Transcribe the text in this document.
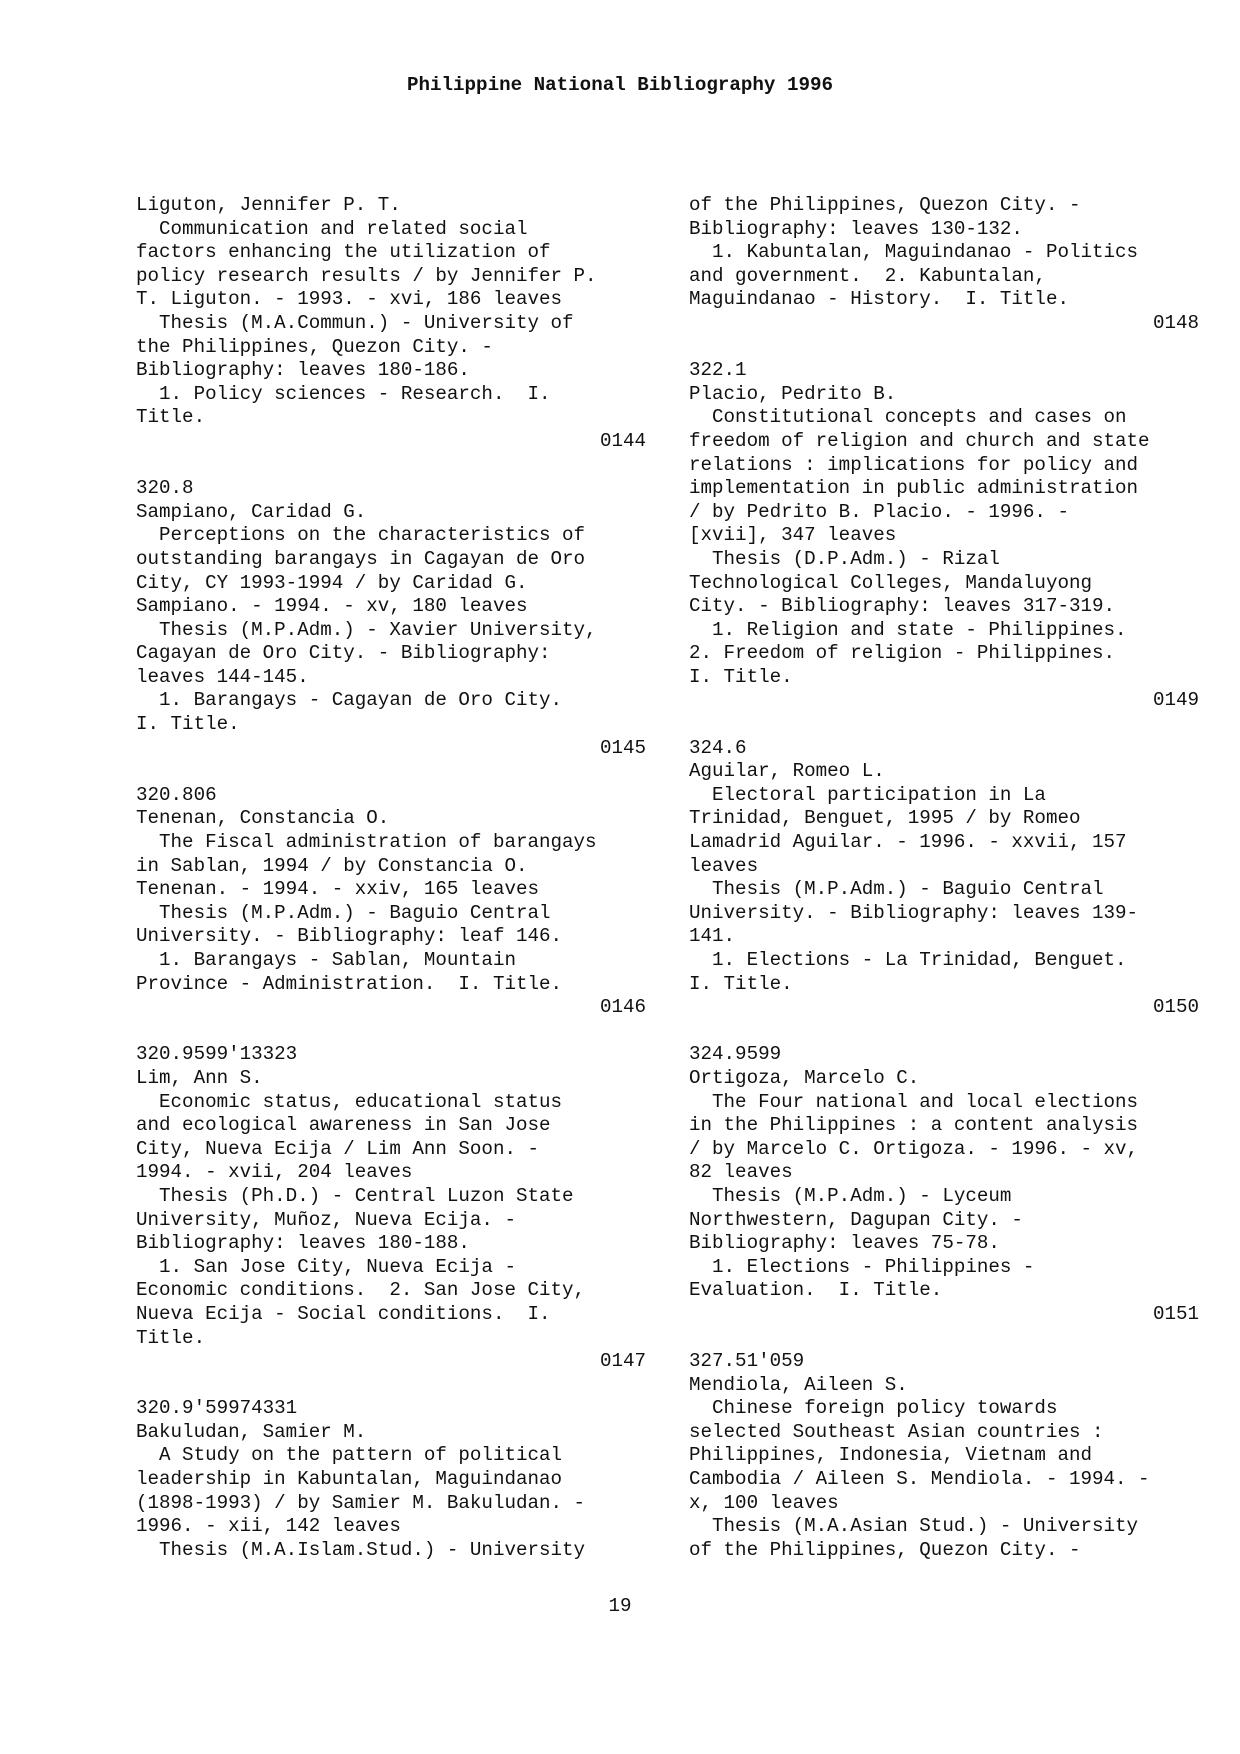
Philippine National Bibliography 1996
Liguton, Jennifer P. T.
Communication and related social
factors enhancing the utilization of
policy research results / by Jennifer P.
T. Liguton. - 1993. - xvi, 186 leaves
Thesis (M.A.Commun.) - University of
the Philippines, Quezon City. -
Bibliography: leaves 180-186.
1. Policy sciences - Research.  I.
Title.
0144
320.8
Sampiano, Caridad G.
Perceptions on the characteristics of
outstanding barangays in Cagayan de Oro
City, CY 1993-1994 / by Caridad G.
Sampiano. - 1994. - xv, 180 leaves
Thesis (M.P.Adm.) - Xavier University,
Cagayan de Oro City. - Bibliography:
leaves 144-145.
1. Barangays - Cagayan de Oro City.
I. Title.
0145
320.806
Tenenan, Constancia O.
The Fiscal administration of barangays
in Sablan, 1994 / by Constancia O.
Tenenan. - 1994. - xxiv, 165 leaves
Thesis (M.P.Adm.) - Baguio Central
University. - Bibliography: leaf 146.
1. Barangays - Sablan, Mountain
Province - Administration.  I. Title.
0146
320.9599'13323
Lim, Ann S.
Economic status, educational status
and ecological awareness in San Jose
City, Nueva Ecija / Lim Ann Soon. -
1994. - xvii, 204 leaves
Thesis (Ph.D.) - Central Luzon State
University, Muñoz, Nueva Ecija. -
Bibliography: leaves 180-188.
1. San Jose City, Nueva Ecija -
Economic conditions.  2. San Jose City,
Nueva Ecija - Social conditions.  I.
Title.
0147
320.9'59974331
Bakuludan, Samier M.
A Study on the pattern of political
leadership in Kabuntalan, Maguindanao
(1898-1993) / by Samier M. Bakuludan. -
1996. - xii, 142 leaves
Thesis (M.A.Islam.Stud.) - University
of the Philippines, Quezon City. -
Bibliography: leaves 130-132.
1. Kabuntalan, Maguindanao - Politics
and government.  2. Kabuntalan,
Maguindanao - History.  I. Title.
0148
322.1
Placio, Pedrito B.
Constitutional concepts and cases on
freedom of religion and church and state
relations : implications for policy and
implementation in public administration
/ by Pedrito B. Placio. - 1996. -
[xvii], 347 leaves
Thesis (D.P.Adm.) - Rizal
Technological Colleges, Mandaluyong
City. - Bibliography: leaves 317-319.
1. Religion and state - Philippines.
2. Freedom of religion - Philippines.
I. Title.
0149
324.6
Aguilar, Romeo L.
Electoral participation in La
Trinidad, Benguet, 1995 / by Romeo
Lamadrid Aguilar. - 1996. - xxvii, 157
leaves
Thesis (M.P.Adm.) - Baguio Central
University. - Bibliography: leaves 139-
141.
1. Elections - La Trinidad, Benguet.
I. Title.
0150
324.9599
Ortigoza, Marcelo C.
The Four national and local elections
in the Philippines : a content analysis
/ by Marcelo C. Ortigoza. - 1996. - xv,
82 leaves
Thesis (M.P.Adm.) - Lyceum
Northwestern, Dagupan City. -
Bibliography: leaves 75-78.
1. Elections - Philippines -
Evaluation.  I. Title.
0151
327.51'059
Mendiola, Aileen S.
Chinese foreign policy towards
selected Southeast Asian countries :
Philippines, Indonesia, Vietnam and
Cambodia / Aileen S. Mendiola. - 1994. -
x, 100 leaves
Thesis (M.A.Asian Stud.) - University
of the Philippines, Quezon City. -
19
